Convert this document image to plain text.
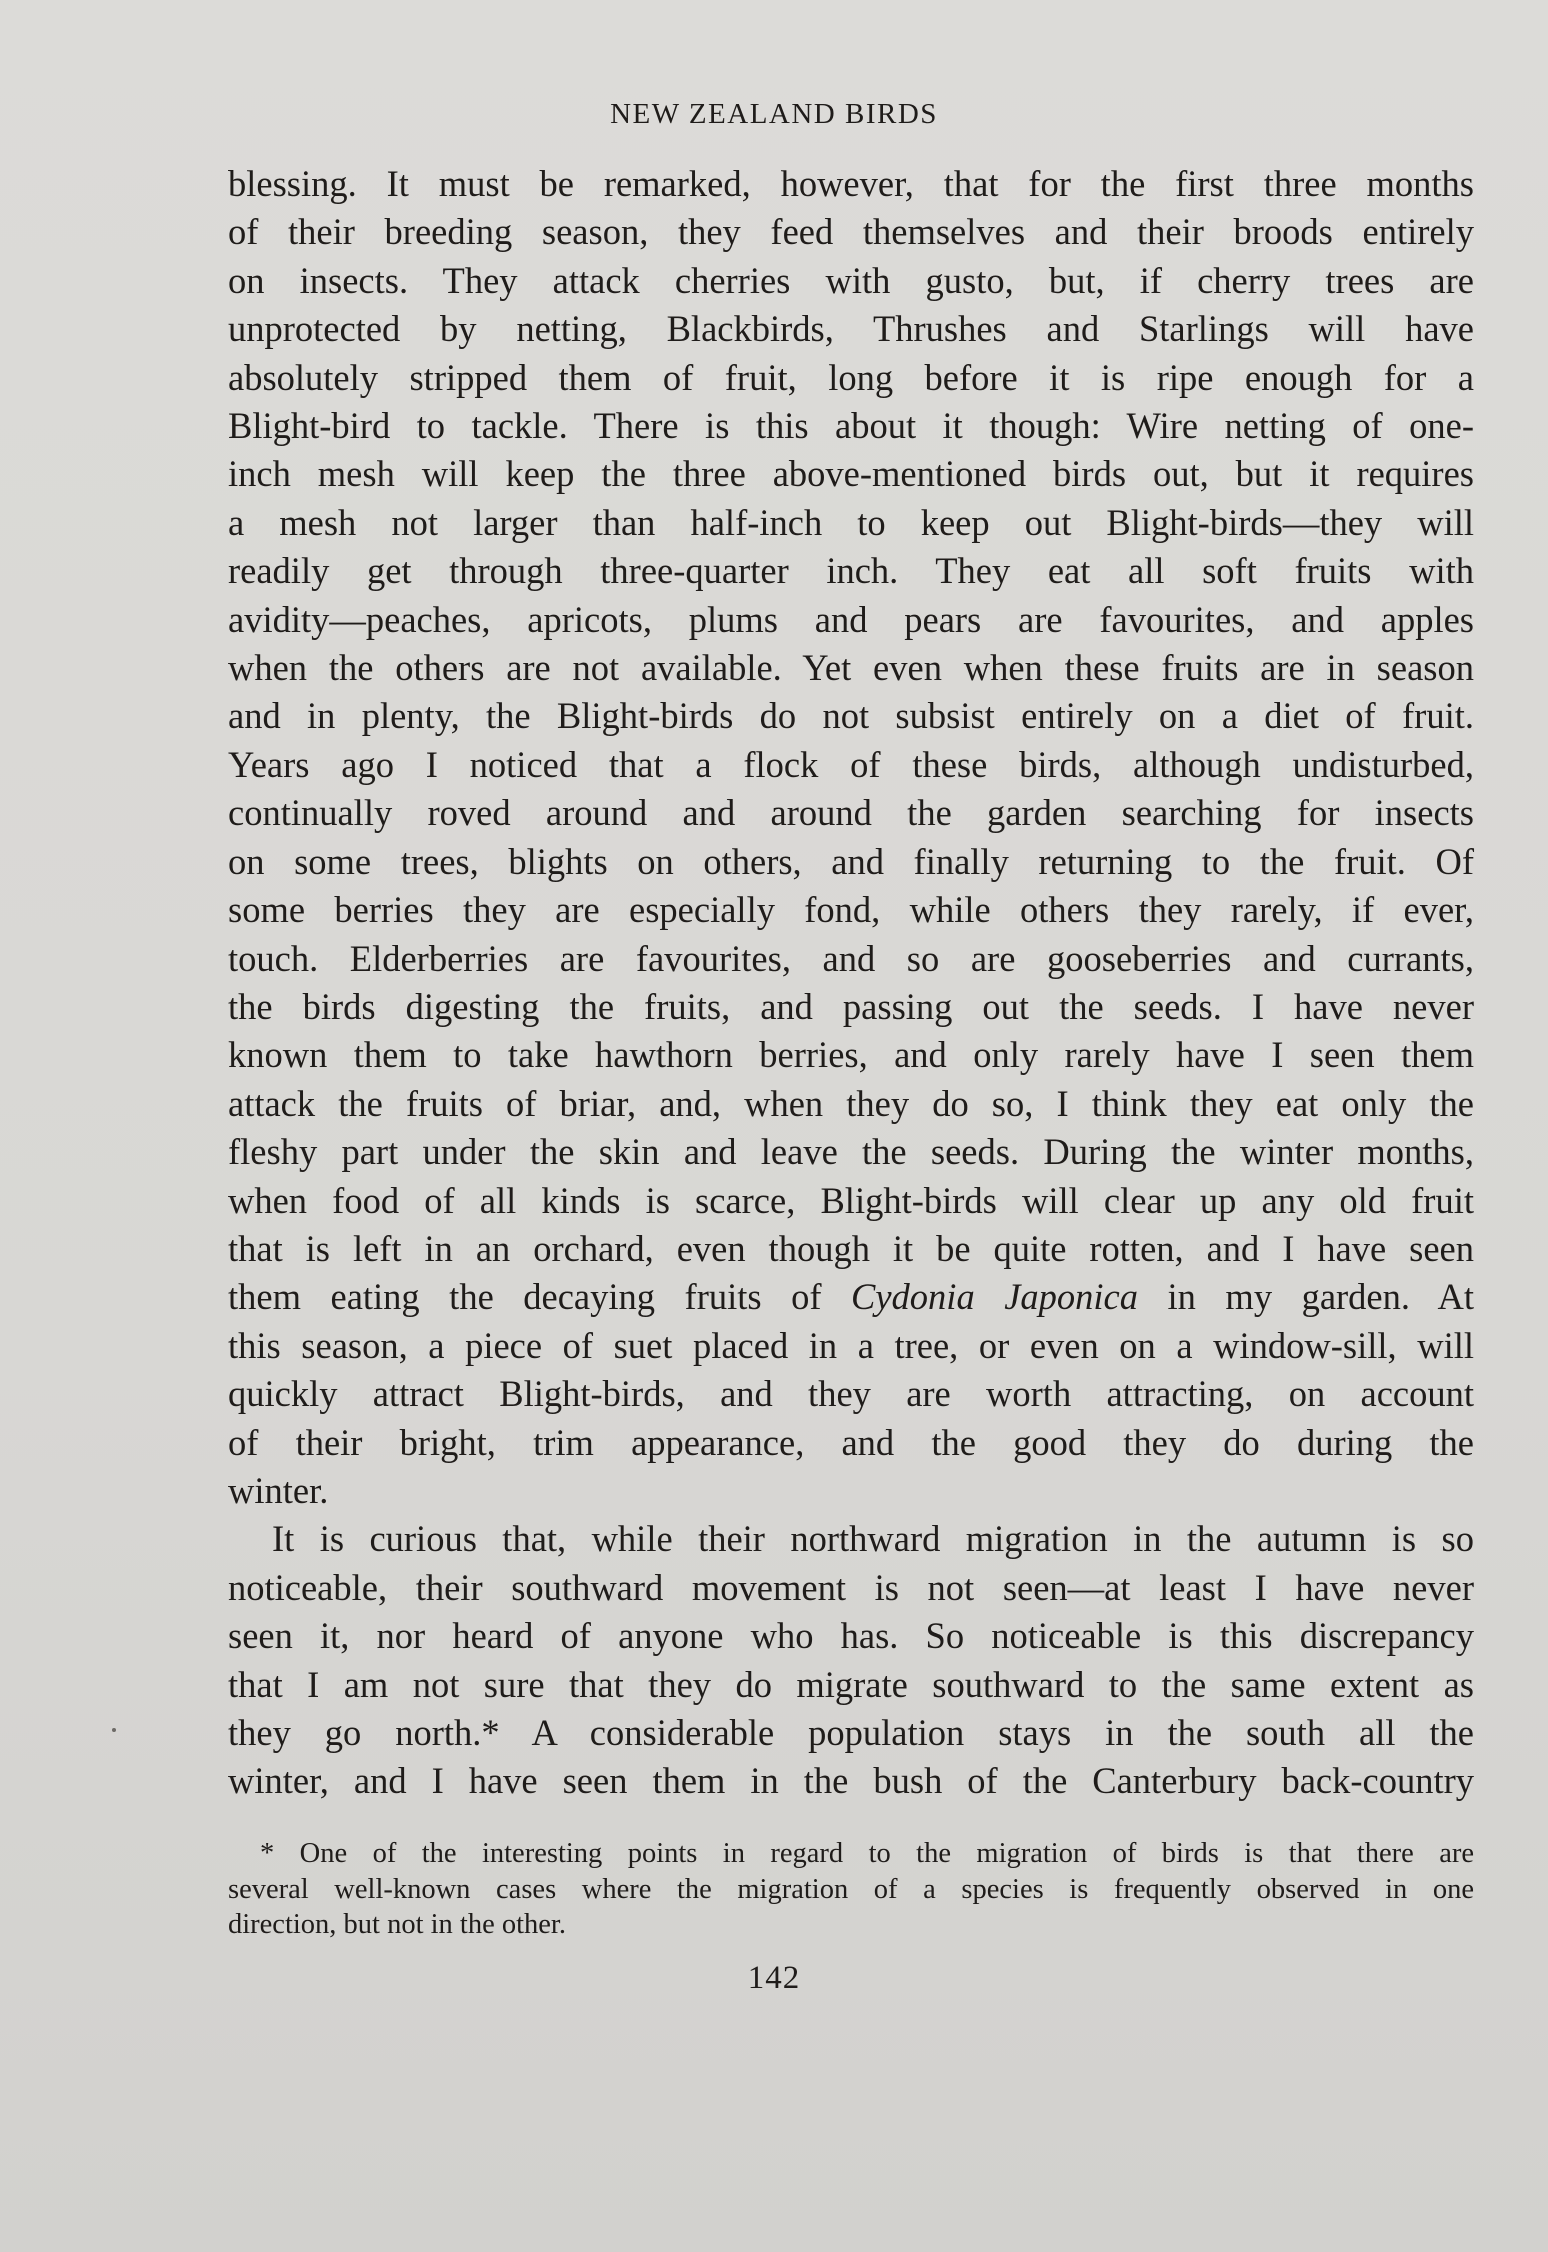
NEW ZEALAND BIRDS
blessing. It must be remarked, however, that for the first three months
of their breeding season, they feed themselves and their broods entirely
on insects. They attack cherries with gusto, but, if cherry trees are
unprotected by netting, Blackbirds, Thrushes and Starlings will have
absolutely stripped them of fruit, long before it is ripe enough for a
Blight-bird to tackle. There is this about it though: Wire netting of one-
inch mesh will keep the three above-mentioned birds out, but it requires
a mesh not larger than half-inch to keep out Blight-birds—they will
readily get through three-quarter inch. They eat all soft fruits with
avidity—peaches, apricots, plums and pears are favourites, and apples
when the others are not available. Yet even when these fruits are in season
and in plenty, the Blight-birds do not subsist entirely on a diet of fruit.
Years ago I noticed that a flock of these birds, although undisturbed,
continually roved around and around the garden searching for insects
on some trees, blights on others, and finally returning to the fruit. Of
some berries they are especially fond, while others they rarely, if ever,
touch. Elderberries are favourites, and so are gooseberries and currants,
the birds digesting the fruits, and passing out the seeds. I have never
known them to take hawthorn berries, and only rarely have I seen them
attack the fruits of briar, and, when they do so, I think they eat only the
fleshy part under the skin and leave the seeds. During the winter months,
when food of all kinds is scarce, Blight-birds will clear up any old fruit
that is left in an orchard, even though it be quite rotten, and I have seen
them eating the decaying fruits of Cydonia Japonica in my garden. At
this season, a piece of suet placed in a tree, or even on a window-sill, will
quickly attract Blight-birds, and they are worth attracting, on account
of their bright, trim appearance, and the good they do during the
winter.
It is curious that, while their northward migration in the autumn is so
noticeable, their southward movement is not seen—at least I have never
seen it, nor heard of anyone who has. So noticeable is this discrepancy
that I am not sure that they do migrate southward to the same extent as
they go north.* A considerable population stays in the south all the
winter, and I have seen them in the bush of the Canterbury back-country
* One of the interesting points in regard to the migration of birds is that there are
several well-known cases where the migration of a species is frequently observed in one
direction, but not in the other.
142
